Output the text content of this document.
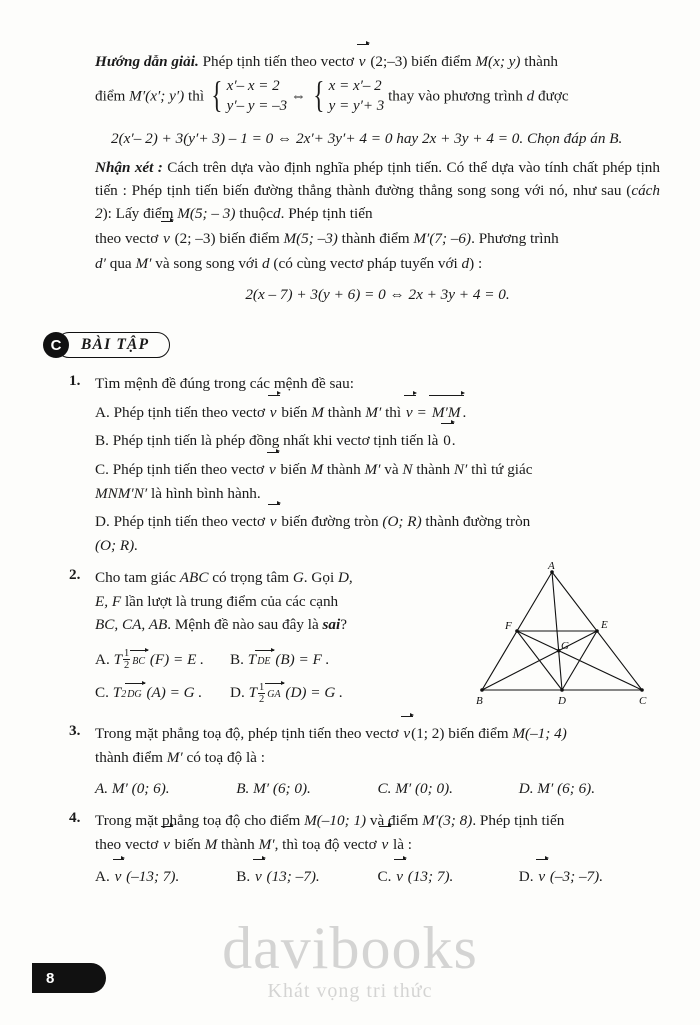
Hướng dẫn giải. Phép tịnh tiến theo vectơ v (2;–3) biến điểm M(x; y) thành
điểm M′(x′; y′) thì { x′– x = 2
y′– y = –3
⇔ { x = x′– 2
y = y′+ 3
thay vào phương trình d được
2(x′– 2) + 3(y′+ 3) – 1 = 0 ⇔ 2x′+ 3y′+ 4 = 0 hay 2x + 3y + 4 = 0. Chọn đáp án B.
Nhận xét : Cách trên dựa vào định nghĩa phép tịnh tiến. Có thể dựa vào tính chất phép tịnh tiến : Phép tịnh tiến biến đường thẳng thành đường thẳng song song với nó, như sau (cách 2): Lấy điểm M(5; – 3) thuộcd. Phép tịnh tiến
theo vectơ v (2; –3) biến điểm M(5; –3) thành điểm M′(7; –6). Phương trình
d′ qua M′ và song song với d (có cùng vectơ pháp tuyến với d) :
2(x – 7) + 3(y + 6) = 0 ⇔ 2x + 3y + 4 = 0.
C	BÀI TẬP
1. Tìm mệnh đề đúng trong các mệnh đề sau:
A. Phép tịnh tiến theo vectơ v biến M thành M′ thì v = M′M .
B. Phép tịnh tiến là phép đồng nhất khi vectơ tịnh tiến là 0.
C. Phép tịnh tiến theo vectơ v biến M thành M′ và N thành N′ thì tứ giác
MNM′N′ là hình bình hành.
D. Phép tịnh tiến theo vectơ v biến đường tròn (O; R) thành đường tròn
(O; R).
2. Cho tam giác ABC có trọng tâm G. Gọi D,
E, F lần lượt là trung điểm của các cạnh
BC, CA, AB. Mệnh đề nào sau đây là sai?
A. T $\frac{1}{2}$ BC (F) = E .	B. TDE (B) = F .
C. T2DG (A) = G .	D. T $\frac{1}{2}$ GA (D) = G .
A
F	E
G
B	D	C
3. Trong mặt phẳng toạ độ, phép tịnh tiến theo vectơ v(1; 2) biến điểm M(–1; 4)
thành điểm M′ có toạ độ là :
A. M′ (0; 6).	B. M′ (6; 0).	C. M′ (0; 0).	D. M′ (6; 6).
4. Trong mặt phẳng toạ độ cho điểm M(–10; 1) và điểm M′(3; 8). Phép tịnh tiến
theo vectơ v biến M thành M′, thì toạ độ vectơ v là :
A. v (–13; 7).	B. v (13; –7).	C. v (13; 7).	D. v (–3; –7).
davibooks
Khát vọng tri thức
8
